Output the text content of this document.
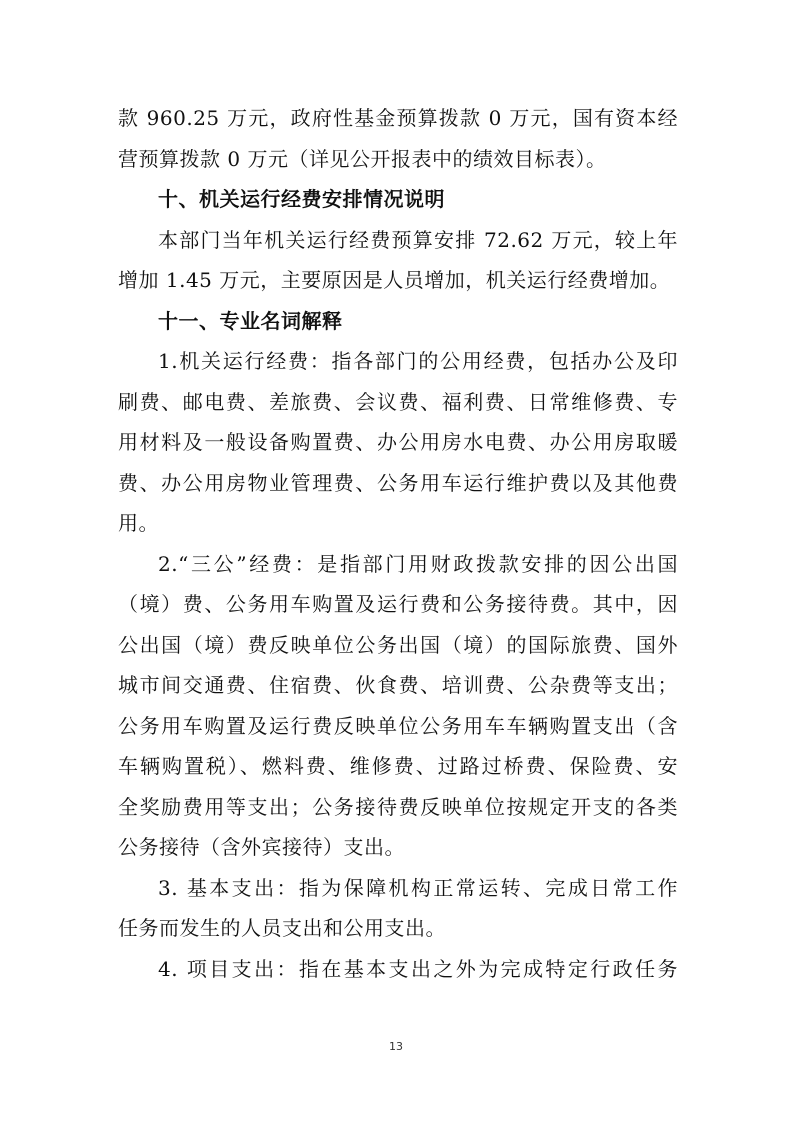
款 960.25 万元，政府性基金预算拨款 0 万元，国有资本经
营预算拨款 0 万元（详见公开报表中的绩效目标表）。
十、机关运行经费安排情况说明
本部门当年机关运行经费预算安排 72.62 万元，较上年
增加 1.45 万元，主要原因是人员增加，机关运行经费增加。
十一、专业名词解释
1.机关运行经费：指各部门的公用经费，包括办公及印
刷费、邮电费、差旅费、会议费、福利费、日常维修费、专
用材料及一般设备购置费、办公用房水电费、办公用房取暖
费、办公用房物业管理费、公务用车运行维护费以及其他费
用。
2.“三公”经费：是指部门用财政拨款安排的因公出国
（境）费、公务用车购置及运行费和公务接待费。其中，因
公出国（境）费反映单位公务出国（境）的国际旅费、国外
城市间交通费、住宿费、伙食费、培训费、公杂费等支出；
公务用车购置及运行费反映单位公务用车车辆购置支出（含
车辆购置税）、燃料费、维修费、过路过桥费、保险费、安
全奖励费用等支出；公务接待费反映单位按规定开支的各类
公务接待（含外宾接待）支出。
3. 基本支出：指为保障机构正常运转、完成日常工作
任务而发生的人员支出和公用支出。
4. 项目支出：指在基本支出之外为完成特定行政任务
13
